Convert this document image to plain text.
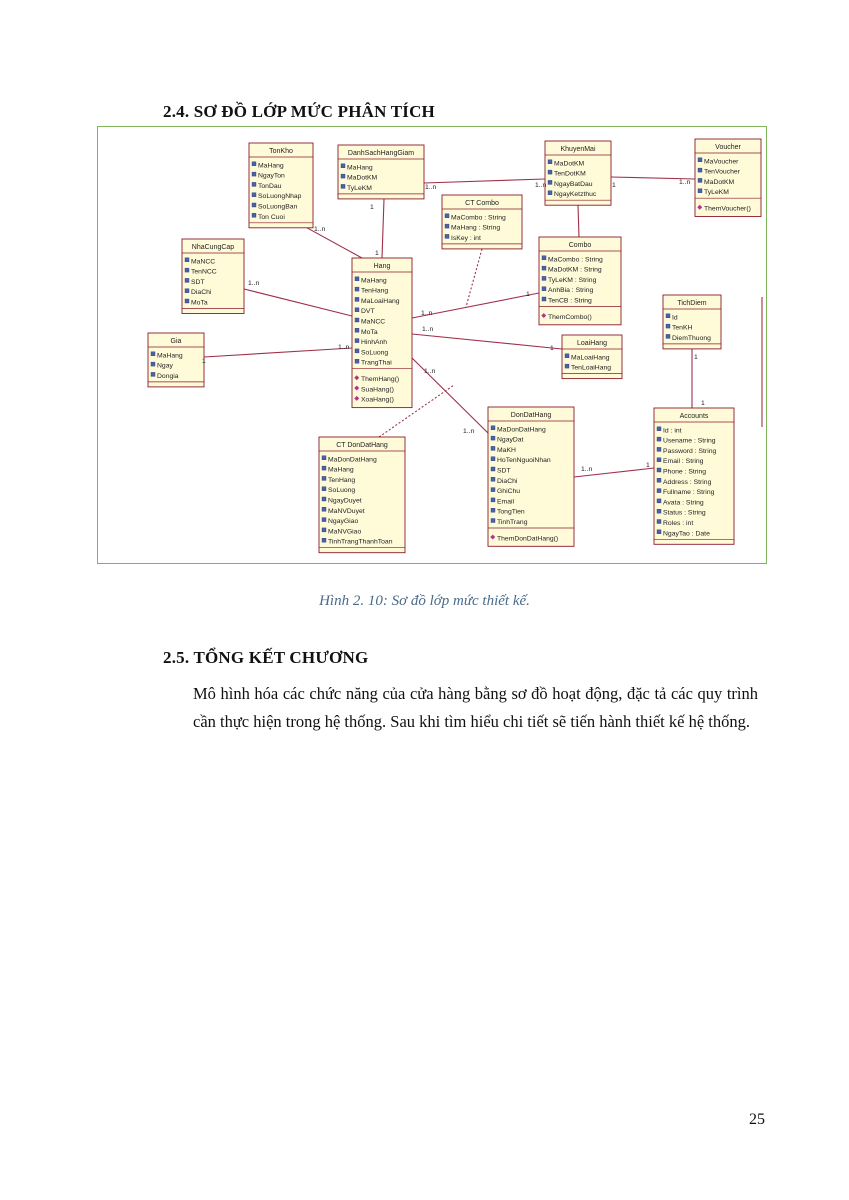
2.4. SƠ ĐỒ LỚP MỨC PHÂN TÍCH
TonKho
MaHang
NgayTon
TonDau
SoLuongNhap
SoLuongBan
Ton Cuoi
DanhSachHangGiam
MaHang
MaDotKM
TyLeKM
KhuyenMai
MaDotKM
TenDotKM
NgayBatDau
NgayKetzthuc
Voucher
MaVoucher
TenVoucher
MaDotKM
TyLeKM
ThemVoucher()
CT Combo
MaCombo : String
MaHang : String
IsKey : int
NhaCungCap
MaNCC
TenNCC
SDT
DiaChi
MoTa
Combo
MaCombo : String
MaDotKM : String
TyLeKM : String
AnhBia : String
TenCB : String
ThemCombo()
Hang
MaHang
TenHang
MaLoaiHang
DVT
MaNCC
MoTa
HinhAnh
SoLuong
TrangThai
ThemHang()
SuaHang()
XoaHang()
TichDiem
Id
TenKH
DiemThuong
Gia
MaHang
Ngay
Dongia
LoaiHang
MaLoaiHang
TenLoaiHang
DonDatHang
MaDonDatHang
NgayDat
MaKH
HoTenNguoiNhan
SDT
DiaChi
GhiChu
Email
TongTien
TinhTrang
ThemDonDatHang()
Accounts
Id : int
Usename : String
Password : String
Email : String
Phone : String
Address : String
Fullname : String
Avata : String
Status : String
Roles : int
NgayTao : Date
CT DonDatHang
MaDonDatHang
MaHang
TenHang
SoLuong
NgayDuyet
MaNVDuyet
NgayGiao
MaNVGiao
TinhTrangThanhToan
1..n
1
1
1..n	1..n	1	1..n
1..n
1
1..n
1..n
1
1..n
1
1..n
1..n
1..n
1
1
1
Hình 2. 10: Sơ đồ lớp mức thiết kế.
2.5. TỔNG KẾT CHƯƠNG
Mô hình hóa các chức năng của cửa hàng bằng sơ đồ hoạt động, đặc tả các quy trình cần thực hiện trong hệ thống. Sau khi tìm hiểu chi tiết sẽ tiến hành thiết kế hệ thống.
25
